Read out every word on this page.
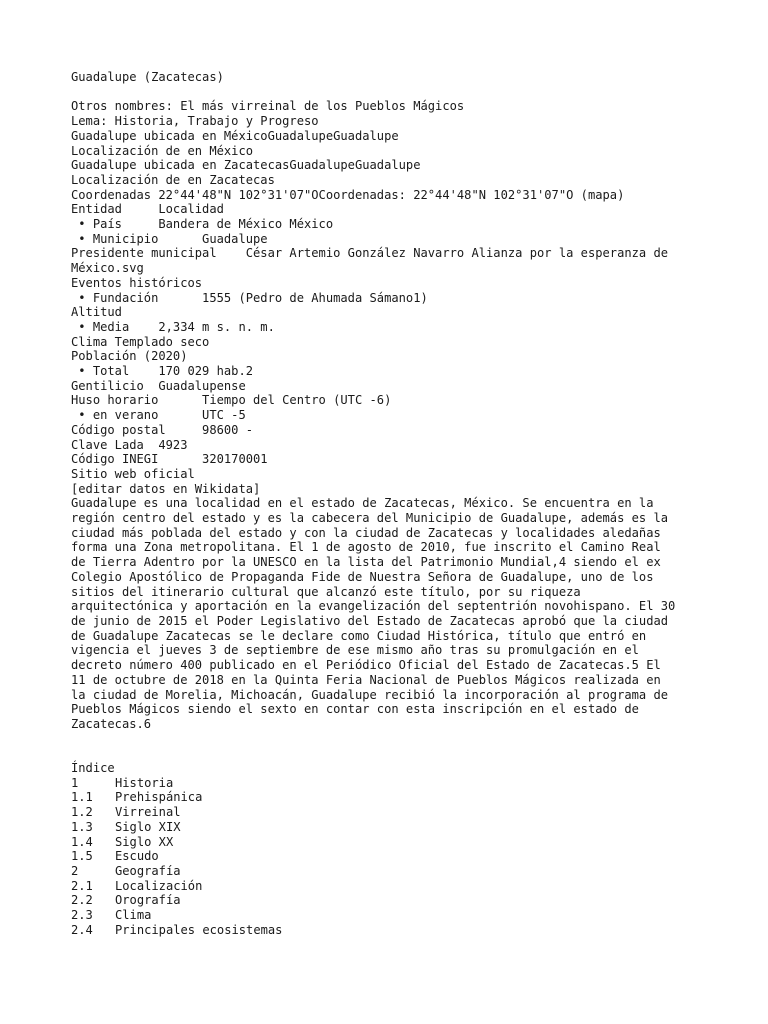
Guadalupe (Zacatecas)
Otros nombres: El más virreinal de los Pueblos Mágicos
Lema: Historia, Trabajo y Progreso
Guadalupe ubicada en MéxicoGuadalupeGuadalupe
Localización de en México
Guadalupe ubicada en ZacatecasGuadalupeGuadalupe
Localización de en Zacatecas
Coordenadas 22°44'48"N 102°31'07"OCoordenadas: 22°44'48"N 102°31'07"O (mapa)
Entidad     Localidad
• País     Bandera de México México
• Municipio      Guadalupe
Presidente municipal    César Artemio González Navarro Alianza por la esperanza de
México.svg
Eventos históricos
• Fundación      1555 (Pedro de Ahumada Sámano1)
Altitud
• Media    2,334 m s. n. m.
Clima Templado seco
Población (2020)
• Total    170 029 hab.2
Gentilicio  Guadalupense
Huso horario      Tiempo del Centro (UTC -6)
• en verano      UTC -5
Código postal     98600 -
Clave Lada  4923
Código INEGI      320170001
Sitio web oficial
[editar datos en Wikidata]
Guadalupe es una localidad en el estado de Zacatecas, México. Se encuentra en la
región centro del estado y es la cabecera del Municipio de Guadalupe, además es la
ciudad más poblada del estado y con la ciudad de Zacatecas y localidades aledañas
forma una Zona metropolitana. El 1 de agosto de 2010, fue inscrito el Camino Real
de Tierra Adentro por la UNESCO en la lista del Patrimonio Mundial,4 siendo el ex
Colegio Apostólico de Propaganda Fide de Nuestra Señora de Guadalupe, uno de los
sitios del itinerario cultural que alcanzó este título, por su riqueza
arquitectónica y aportación en la evangelización del septentrión novohispano. El 30
de junio de 2015 el Poder Legislativo del Estado de Zacatecas aprobó que la ciudad
de Guadalupe Zacatecas se le declare como Ciudad Histórica, título que entró en
vigencia el jueves 3 de septiembre de ese mismo año tras su promulgación en el
decreto número 400 publicado en el Periódico Oficial del Estado de Zacatecas.5 El
11 de octubre de 2018 en la Quinta Feria Nacional de Pueblos Mágicos realizada en
la ciudad de Morelia, Michoacán, Guadalupe recibió la incorporación al programa de
Pueblos Mágicos siendo el sexto en contar con esta inscripción en el estado de
Zacatecas.6
Índice
1	Historia
1.1 Prehispánica
1.2 Virreinal
1.3 Siglo XIX
1.4 Siglo XX
1.5 Escudo
2	Geografía
2.1 Localización
2.2 Orografía
2.3 Clima
2.4 Principales ecosistemas
